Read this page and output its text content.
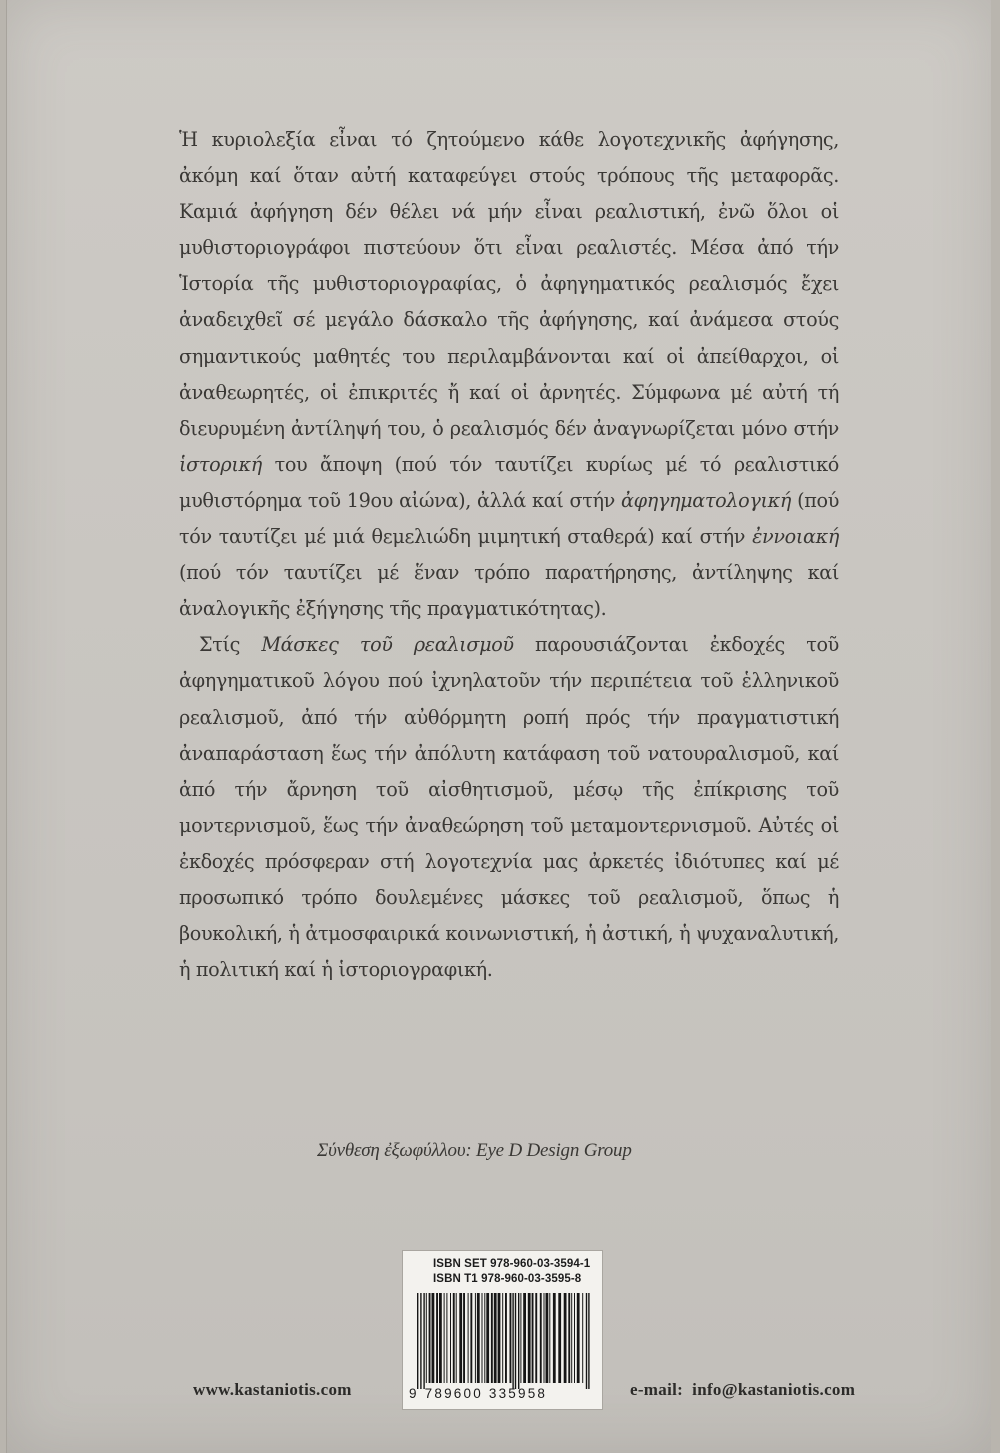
Ἡ κυριολεξία εἶναι τό ζητούμενο κάθε λογοτεχνικῆς ἀφήγησης, ἀκόμη καί ὅταν αὐτή καταφεύγει στούς τρόπους τῆς μεταφορᾶς. Καμιά ἀφήγηση δέν θέλει νά μήν εἶναι ρεαλιστική, ἐνῶ ὅλοι οἱ μυθιστοριογράφοι πιστεύουν ὅτι εἶναι ρεαλιστές. Μέσα ἀπό τήν Ἱστορία τῆς μυθιστοριογραφίας, ὁ ἀφηγηματικός ρεαλισμός ἔχει ἀναδειχθεῖ σέ μεγάλο δάσκαλο τῆς ἀφήγησης, καί ἀνάμεσα στούς σημαντικούς μαθητές του περιλαμβάνονται καί οἱ ἀπείθαρχοι, οἱ ἀναθεωρητές, οἱ ἐπικριτές ἤ καί οἱ ἀρνητές. Σύμφωνα μέ αὐτή τή διευρυμένη ἀντίληψή του, ὁ ρεαλισμός δέν ἀναγνωρίζεται μόνο στήν ἱστορική του ἄποψη (πού τόν ταυτίζει κυρίως μέ τό ρεαλιστικό μυθιστόρημα τοῦ 19ου αἰώνα), ἀλλά καί στήν ἀφηγηματολογική (πού τόν ταυτίζει μέ μιά θεμελιώδη μιμητική σταθερά) καί στήν ἐννοιακή (πού τόν ταυτίζει μέ ἕναν τρόπο παρατήρησης, ἀντίληψης καί ἀναλογικῆς ἐξήγησης τῆς πραγματικότητας).

Στίς Μάσκες τοῦ ρεαλισμοῦ παρουσιάζονται ἐκδοχές τοῦ ἀφηγηματικοῦ λόγου πού ἰχνηλατοῦν τήν περιπέτεια τοῦ ἑλληνικοῦ ρεαλισμοῦ, ἀπό τήν αὐθόρμητη ροπή πρός τήν πραγματιστική ἀναπαράσταση ἕως τήν ἀπόλυτη κατάφαση τοῦ νατουραλισμοῦ, καί ἀπό τήν ἄρνηση τοῦ αἰσθητισμοῦ, μέσῳ τῆς ἐπίκρισης τοῦ μοντερνισμοῦ, ἕως τήν ἀναθεώρηση τοῦ μεταμοντερνισμοῦ. Αὐτές οἱ ἐκδοχές πρόσφεραν στή λογοτεχνία μας ἀρκετές ἰδιότυπες καί μέ προσωπικό τρόπο δουλεμένες μάσκες τοῦ ρεαλισμοῦ, ὅπως ἡ βουκολική, ἡ ἀτμοσφαιρικά κοινωνιστική, ἡ ἀστική, ἡ ψυχαναλυτική, ἡ πολιτική καί ἡ ἱστοριογραφική.

Σύνθεση ἐξωφύλλου: Eye D Design Group
ISBN SET 978-960-03-3594-1
ISBN T1 978-960-03-3595-8
9 789600 335958
www.kastaniotis.com	e-mail:  info@kastaniotis.com
